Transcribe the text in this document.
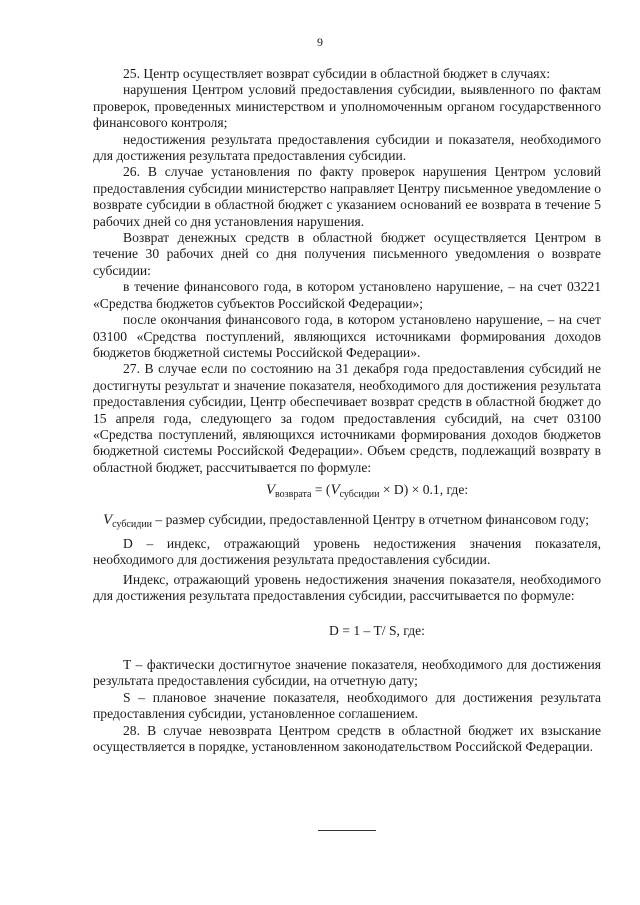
9

25. Центр осуществляет возврат субсидии в областной бюджет в случаях:

нарушения Центром условий предоставления субсидии, выявленного по фактам проверок, проведенных министерством и уполномоченным органом государственного финансового контроля;

недостижения результата предоставления субсидии и показателя, необходимого для достижения результата предоставления субсидии.

26. В случае установления по факту проверок нарушения Центром условий предоставления субсидии министерство направляет Центру письменное уведомление о возврате субсидии в областной бюджет с указанием оснований ее возврата в течение 5 рабочих дней со дня установления нарушения.

Возврат денежных средств в областной бюджет осуществляется Центром в течение 30 рабочих дней со дня получения письменного уведомления о возврате субсидии:

в течение финансового года, в котором установлено нарушение, – на счет 03221 «Средства бюджетов субъектов Российской Федерации»;

после окончания финансового года, в котором установлено нарушение, – на счет 03100 «Средства поступлений, являющихся источниками формирования доходов бюджетов бюджетной системы Российской Федерации».

27. В случае если по состоянию на 31 декабря года предоставления субсидий не достигнуты результат и значение показателя, необходимого для достижения результата предоставления субсидии, Центр обеспечивает возврат средств в областной бюджет до 15 апреля года, следующего за годом предоставления субсидий, на счет 03100 «Средства поступлений, являющихся источниками формирования доходов бюджетов бюджетной системы Российской Федерации». Объем средств, подлежащий возврату в областной бюджет, рассчитывается по формуле:

$V_{возврата} = (V_{субсидии} \times D) \times 0.1$, где:

$V_{субсидии}$ – размер субсидии, предоставленной Центру в отчетном финансовом году;

D – индекс, отражающий уровень недостижения значения показателя, необходимого для достижения результата предоставления субсидии.

Индекс, отражающий уровень недостижения значения показателя, необходимого для достижения результата предоставления субсидии, рассчитывается по формуле:

D = 1 – T/ S, где:

T – фактически достигнутое значение показателя, необходимого для достижения результата предоставления субсидии, на отчетную дату;

S – плановое значение показателя, необходимого для достижения результата предоставления субсидии, установленное соглашением.

28. В случае невозврата Центром средств в областной бюджет их взыскание осуществляется в порядке, установленном законодательством Российской Федерации.
